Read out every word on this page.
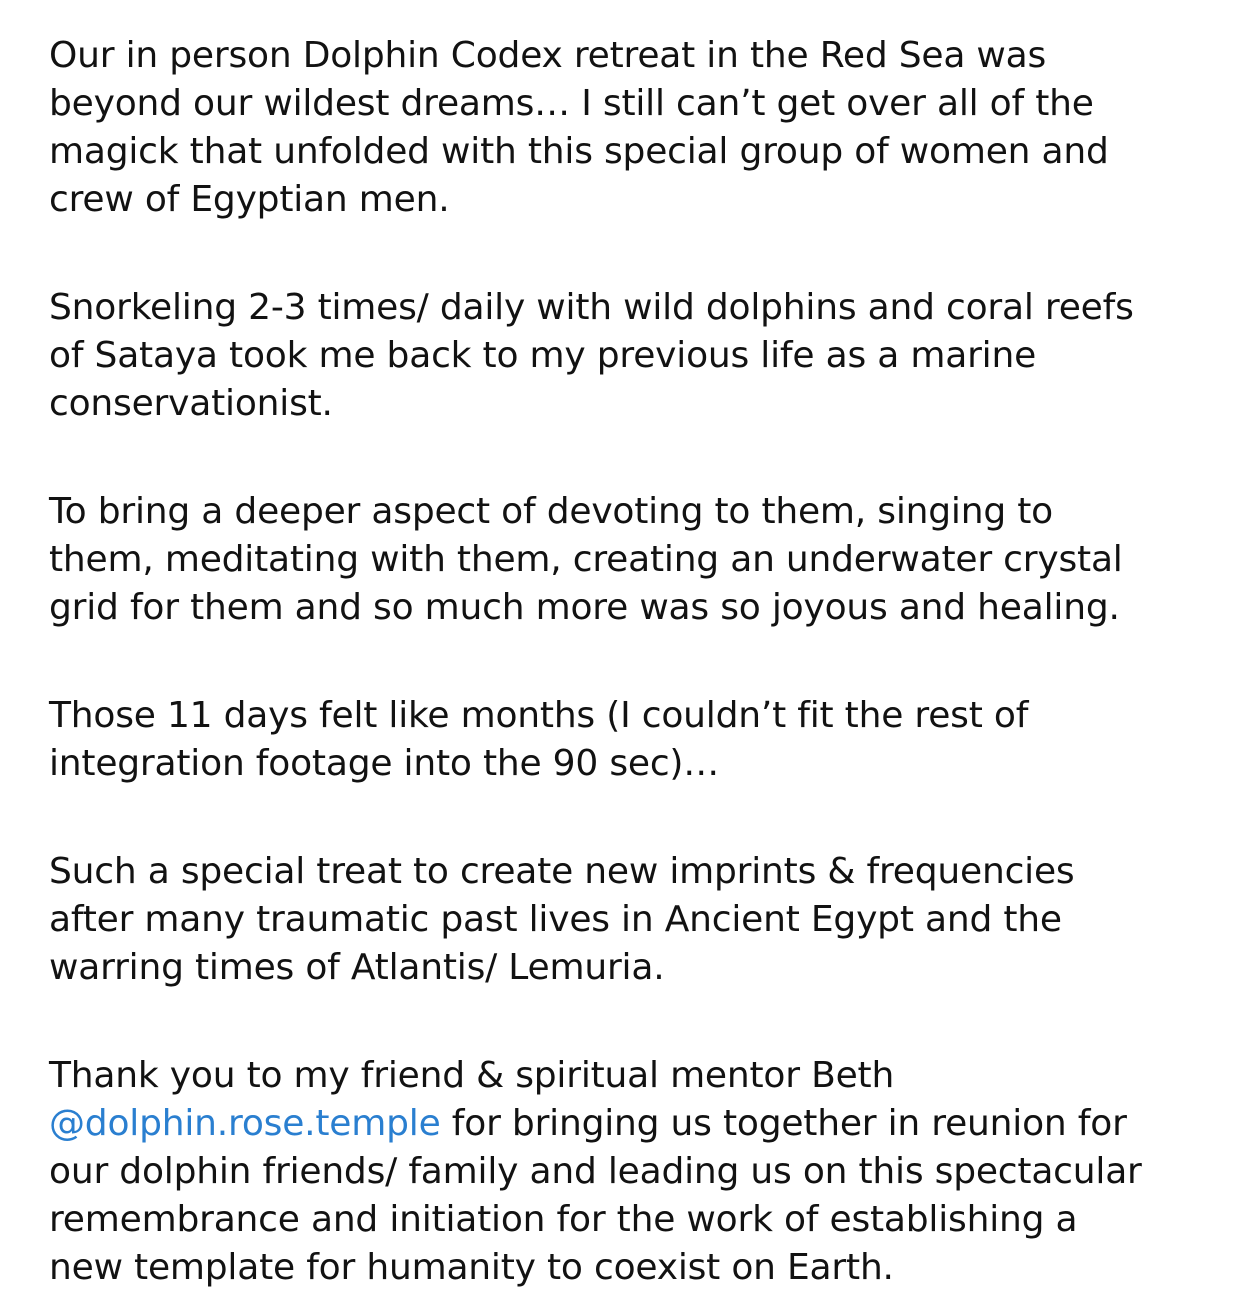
Our in person Dolphin Codex retreat in the Red Sea was
beyond our wildest dreams… I still can’t get over all of the
magick that unfolded with this special group of women and
crew of Egyptian men.

Snorkeling 2-3 times/ daily with wild dolphins and coral reefs
of Sataya took me back to my previous life as a marine
conservationist.

To bring a deeper aspect of devoting to them, singing to
them, meditating with them, creating an underwater crystal
grid for them and so much more was so joyous and healing.

Those 11 days felt like months (I couldn’t fit the rest of
integration footage into the 90 sec)…

Such a special treat to create new imprints & frequencies
after many traumatic past lives in Ancient Egypt and the
warring times of Atlantis/ Lemuria.

Thank you to my friend & spiritual mentor Beth
@dolphin.rose.temple for bringing us together in reunion for
our dolphin friends/ family and leading us on this spectacular
remembrance and initiation for the work of establishing a
new template for humanity to coexist on Earth.
